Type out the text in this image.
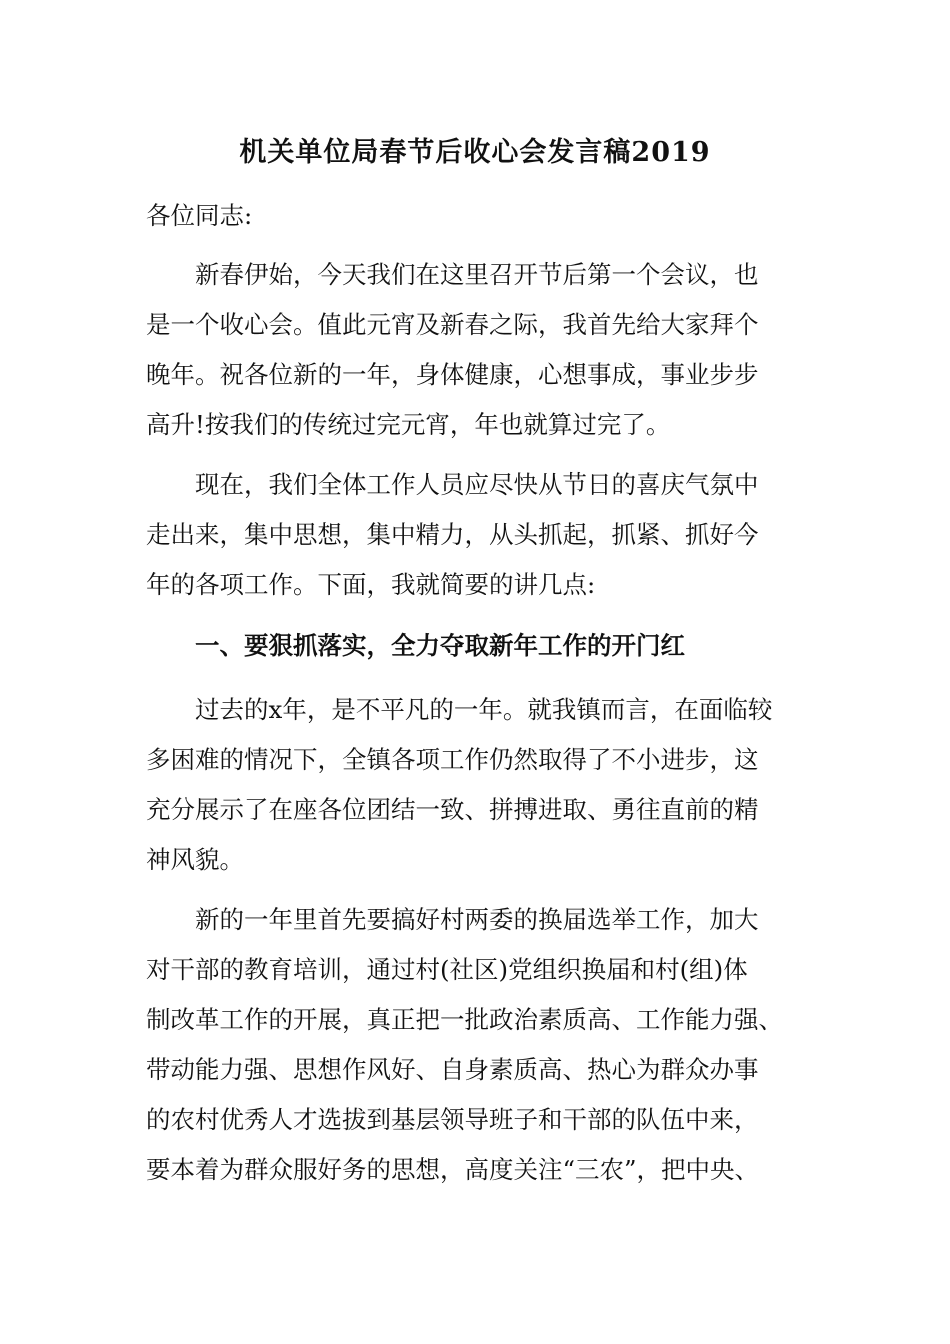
机关单位局春节后收心会发言稿2019

各位同志:

新春伊始，今天我们在这里召开节后第一个会议，也

是一个收心会。值此元宵及新春之际，我首先给大家拜个

晚年。祝各位新的一年，身体健康，心想事成，事业步步

高升!按我们的传统过完元宵，年也就算过完了。

现在，我们全体工作人员应尽快从节日的喜庆气氛中

走出来，集中思想，集中精力，从头抓起，抓紧、抓好今

年的各项工作。下面，我就简要的讲几点:

一、要狠抓落实，全力夺取新年工作的开门红

过去的x年，是不平凡的一年。就我镇而言，在面临较

多困难的情况下，全镇各项工作仍然取得了不小进步，这

充分展示了在座各位团结一致、拼搏进取、勇往直前的精

神风貌。

新的一年里首先要搞好村两委的换届选举工作，加大

对干部的教育培训，通过村(社区)党组织换届和村(组)体

制改革工作的开展，真正把一批政治素质高、工作能力强、

带动能力强、思想作风好、自身素质高、热心为群众办事

的农村优秀人才选拔到基层领导班子和干部的队伍中来，

要本着为群众服好务的思想，高度关注“三农”，把中央、
